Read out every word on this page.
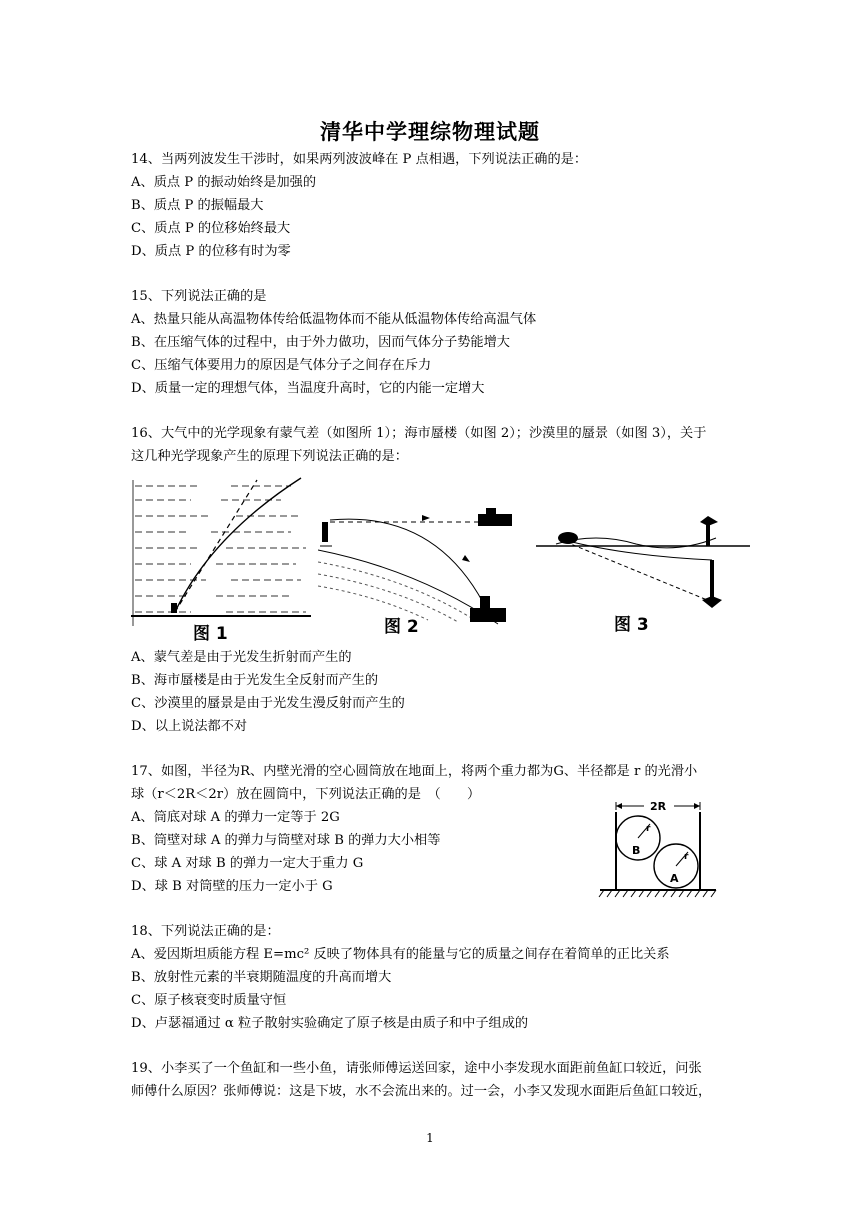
清华中学理综物理试题
14、当两列波发生干涉时，如果两列波波峰在 P 点相遇，下列说法正确的是：
A、质点 P 的振动始终是加强的
B、质点 P 的振幅最大
C、质点 P 的位移始终最大
D、质点 P 的位移有时为零
15、下列说法正确的是
A、热量只能从高温物体传给低温物体而不能从低温物体传给高温气体
B、在压缩气体的过程中，由于外力做功，因而气体分子势能增大
C、压缩气体要用力的原因是气体分子之间存在斥力
D、质量一定的理想气体，当温度升高时，它的内能一定增大
16、大气中的光学现象有蒙气差（如图所 1）；海市蜃楼（如图 2）；沙漠里的蜃景（如图 3），关于
这几种光学现象产生的原理下列说法正确的是：
图 1	图 2	图 3
A、蒙气差是由于光发生折射而产生的
B、海市蜃楼是由于光发生全反射而产生的
C、沙漠里的蜃景是由于光发生漫反射而产生的
D、以上说法都不对
17、如图，半径为R、内壁光滑的空心圆筒放在地面上，将两个重力都为G、半径都是 r 的光滑小
球（r＜2R＜2r）放在圆筒中，下列说法正确的是　（　　）
A、筒底对球 A 的弹力一定等于 2G
B、筒壁对球 A 的弹力与筒壁对球 B 的弹力大小相等
C、球 A 对球 B 的弹力一定大于重力 G
D、球 B 对筒壁的压力一定小于 G
2R
r
r
B
A
18、下列说法正确的是：
A、爱因斯坦质能方程 E=mc² 反映了物体具有的能量与它的质量之间存在着简单的正比关系
B、放射性元素的半衰期随温度的升高而增大
C、原子核衰变时质量守恒
D、卢瑟福通过 α 粒子散射实验确定了原子核是由质子和中子组成的
19、小李买了一个鱼缸和一些小鱼，请张师傅运送回家，途中小李发现水面距前鱼缸口较近，问张
师傅什么原因？张师傅说：这是下坡，水不会流出来的。过一会，小李又发现水面距后鱼缸口较近，
1
